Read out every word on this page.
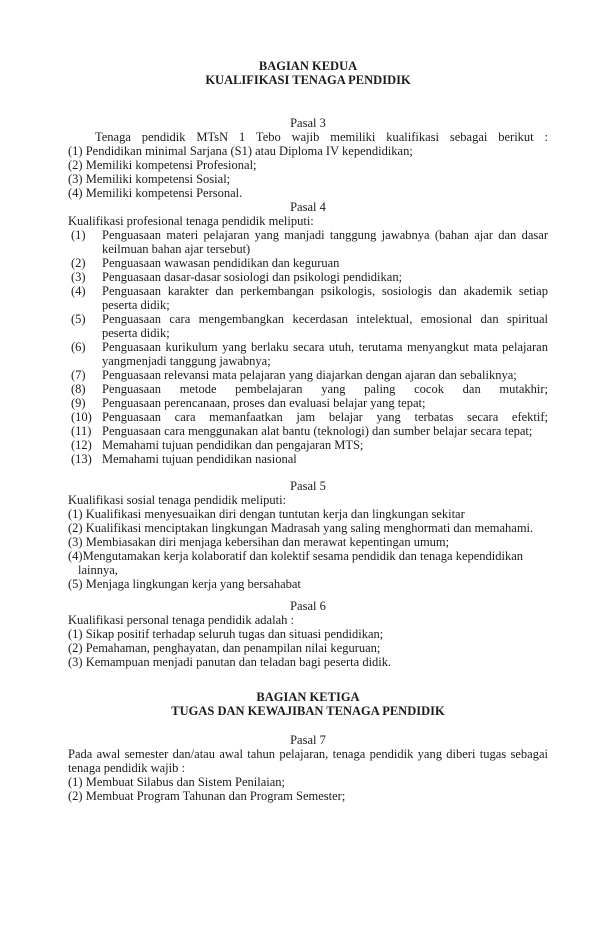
BAGIAN KEDUA
KUALIFIKASI TENAGA PENDIDIK
Pasal 3

Tenaga pendidik MTsN 1 Tebo wajib memiliki kualifikasi sebagai berikut :

(1) Pendidikan minimal Sarjana (S1) atau Diploma IV kependidikan;
(2) Memiliki kompetensi Profesional;
(3) Memiliki kompetensi Sosial;
(4) Memiliki kompetensi Personal.
Pasal 4

Kualifikasi profesional tenaga pendidik meliputi:

(1) Penguasaan materi pelajaran yang manjadi tanggung jawabnya (bahan ajar dan dasar keilmuan bahan ajar tersebut)
(2) Penguasaan wawasan pendidikan dan keguruan
(3) Penguasaan dasar-dasar sosiologi dan psikologi pendidikan;
(4) Penguasaan karakter dan perkembangan psikologis, sosiologis dan akademik setiap peserta didik;
(5) Penguasaan cara mengembangkan kecerdasan intelektual, emosional dan spiritual peserta didik;
(6) Penguasaan kurikulum yang berlaku secara utuh, terutama menyangkut mata pelajaran yangmenjadi tanggung jawabnya;
(7) Penguasaan relevansi mata pelajaran yang diajarkan dengan ajaran dan sebaliknya;
(8) Penguasaan metode pembelajaran yang paling cocok dan mutakhir;
(9) Penguasaan perencanaan, proses dan evaluasi belajar yang tepat;
(10) Penguasaan cara memanfaatkan jam belajar yang terbatas secara efektif;
(11) Penguasaan cara menggunakan alat bantu (teknologi) dan sumber belajar secara tepat;
(12) Memahami tujuan pendidikan dan pengajaran MTS;
(13) Memahami tujuan pendidikan nasional
Pasal 5

Kualifikasi sosial tenaga pendidik meliputi:

(1) Kualifikasi menyesuaikan diri dengan tuntutan kerja dan lingkungan sekitar
(2) Kualifikasi menciptakan lingkungan Madrasah yang saling menghormati dan memahami.
(3) Membiasakan diri menjaga kebersihan dan merawat kepentingan umum;
(4)Mengutamakan kerja kolaboratif dan kolektif sesama pendidik dan tenaga kependidikan lainnya,
(5) Menjaga lingkungan kerja yang bersahabat
Pasal 6

Kualifikasi personal tenaga pendidik adalah :

(1) Sikap positif terhadap seluruh tugas dan situasi pendidikan;
(2) Pemahaman, penghayatan, dan penampilan nilai keguruan;
(3) Kemampuan menjadi panutan dan teladan bagi peserta didik.
BAGIAN KETIGA
TUGAS DAN KEWAJIBAN TENAGA PENDIDIK
Pasal 7

Pada awal semester dan/atau awal tahun pelajaran, tenaga pendidik yang diberi tugas sebagai tenaga pendidik wajib :

(1) Membuat Silabus dan Sistem Penilaian;
(2) Membuat Program Tahunan dan Program Semester;
